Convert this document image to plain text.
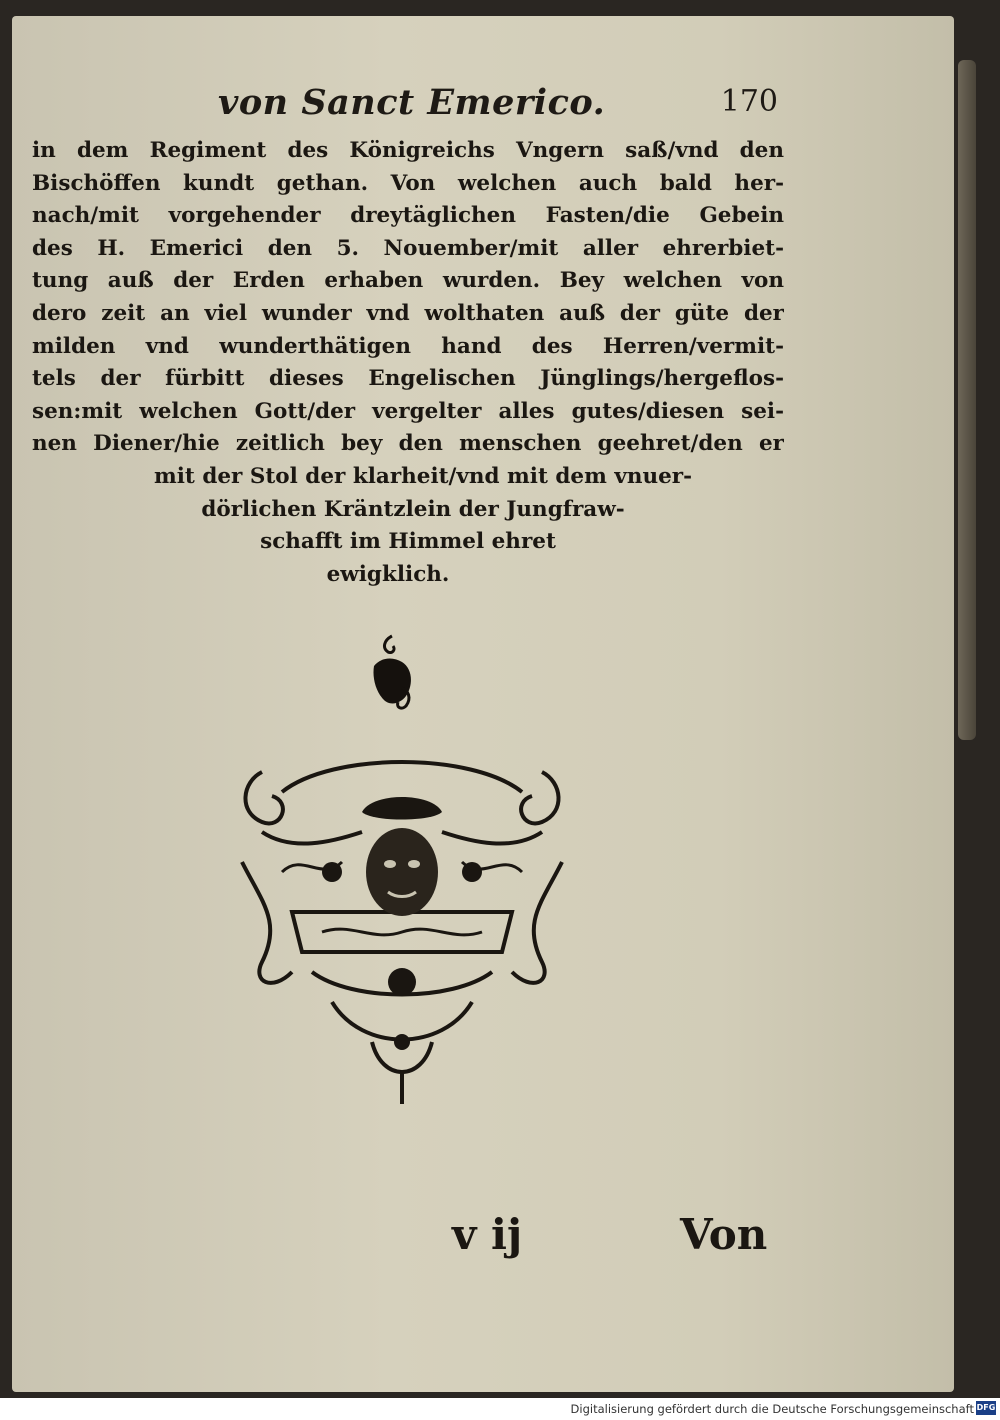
von Sanct Emerico.	170
in dem Regiment des Königreichs Vngern saß/vnd den
Bischöffen kundt gethan. Von welchen auch bald her-
nach/mit vorgehender dreytäglichen Fasten/die Gebein
des H. Emerici den 5. Nouember/mit aller ehrerbiet-
tung auß der Erden erhaben wurden. Bey welchen von
dero zeit an viel wunder vnd wolthaten auß der güte der
milden vnd wunderthätigen hand des Herren/vermit-
tels der fürbitt dieses Engelischen Jünglings/hergeflos-
sen:mit welchen Gott/der vergelter alles gutes/diesen sei-
nen Diener/hie zeitlich bey den menschen geehret/den er
mit der Stol der klarheit/vnd mit dem vnuer-
dörlichen Kräntzlein der Jungfraw-
schafft im Himmel ehret
ewigklich.
v ij	Von
Digitalisierung gefördert durch die Deutsche Forschungsgemeinschaft DFG
